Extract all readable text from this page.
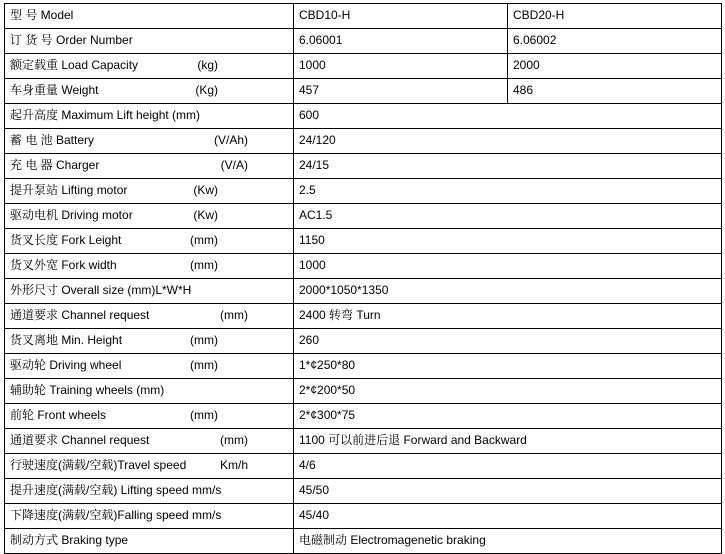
型 号 Model	CBD10-H	CBD20-H

订 货 号 Order Number	6.06001	6.06002

额定载重 Load Capacity (kg)	1000	2000

车身重量 Weight (Kg)	457	486

起升高度 Maximum Lift height (mm)	600	

蓄 电 池 Battery (V/Ah)	24/120	

充 电 器 Charger (V/A)	24/15	

提升泵站 Lifting motor (Kw)	2.5	

驱动电机 Driving motor (Kw)	AC1.5	

货叉长度 Fork Leight (mm)	1150	

货叉外宽 Fork width (mm)	1000	

外形尺寸 Overall size (mm)L*W*H	2000*1050*1350	

通道要求 Channel request (mm)	2400 转弯 Turn	

货叉离地 Min. Height (mm)	260	

驱动轮 Driving wheel (mm)	1*¢250*80	

辅助轮 Training wheels (mm)	2*¢200*50	

前轮 Front wheels (mm)	2*¢300*75	

通道要求 Channel request (mm)	1100 可以前进后退 Forward and Backward	

行驶速度(满载/空载)Travel speed Km/h	4/6	

提升速度(满载/空载) Lifting speed mm/s	45/50	

下降速度(满载/空载)Falling speed mm/s	45/40	

制动方式 Braking type	电磁制动 Electromagenetic braking	
